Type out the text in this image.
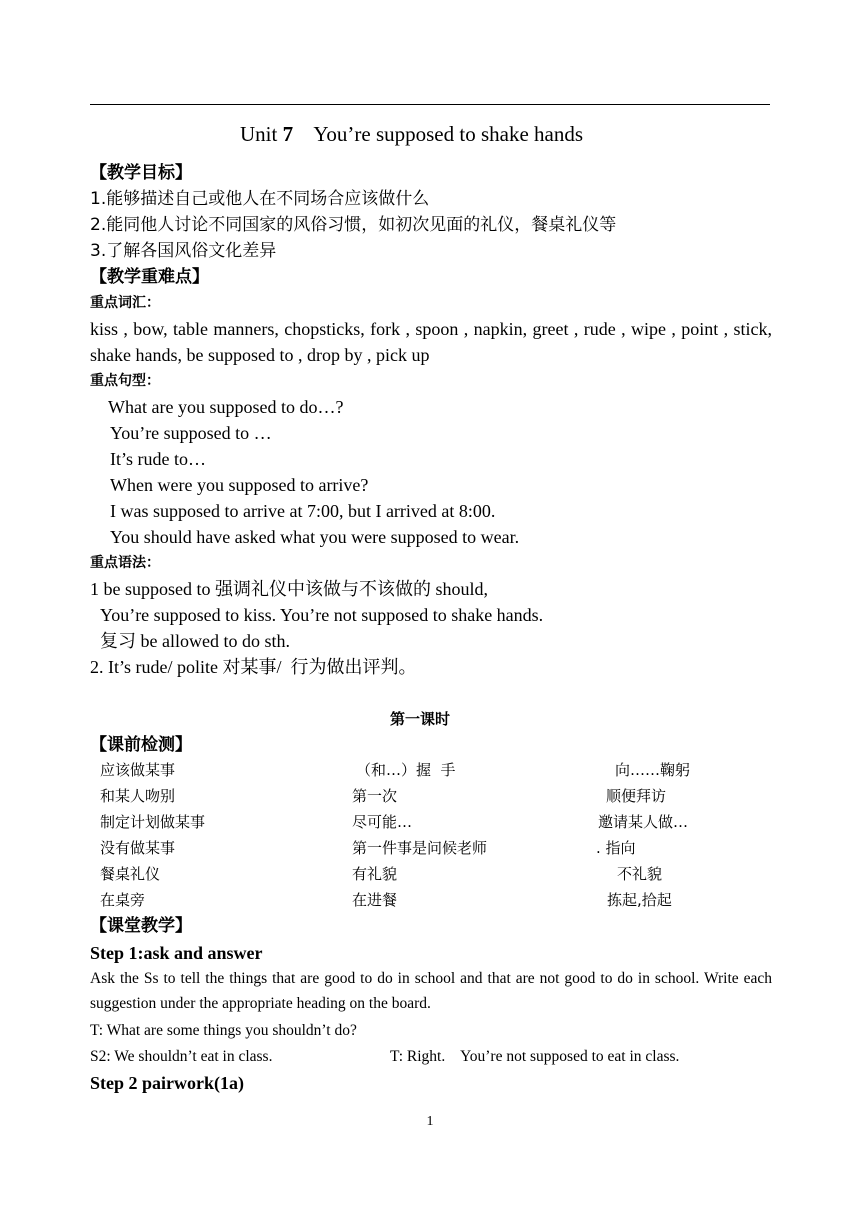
Unit 7 You’re supposed to shake hands
【教学目标】
1.能够描述自己或他人在不同场合应该做什么
2.能同他人讨论不同国家的风俗习惯，如初次见面的礼仪，餐桌礼仪等
3.了解各国风俗文化差异
【教学重难点】
重点词汇：
kiss , bow, table manners, chopsticks, fork , spoon , napkin, greet , rude , wipe , point , stick, shake hands, be supposed to , drop by , pick up
重点句型：
What are you supposed to do…?
You’re supposed to …
It’s rude to…
When were you supposed to arrive?
I was supposed to arrive at 7:00, but I arrived at 8:00.
You should have asked what you were supposed to wear.
重点语法：
1 be supposed to 强调礼仪中该做与不该做的 should,
You’re supposed to kiss. You’re not supposed to shake hands.
复习 be allowed to do sth.
2. It’s rude/ polite 对某事/  行为做出评判。
第一课时
【课前检测】
应该做某事	（和…）握  手	向……鞠躬
和某人吻别	第一次	顺便拜访
制定计划做某事	尽可能…	邀请某人做…
没有做某事	第一件事是问候老师	. 指向
餐桌礼仪	有礼貌	不礼貌
在桌旁	在进餐	拣起,拾起
【课堂教学】
Step 1:ask and answer
Ask the Ss to tell the things that are good to do in school and that are not good to do in school. Write each suggestion under the appropriate heading on the board.
T: What are some things you shouldn’t do?
S2: We shouldn’t eat in class.	T: Right.    You’re not supposed to eat in class.
Step 2 pairwork(1a)
1
